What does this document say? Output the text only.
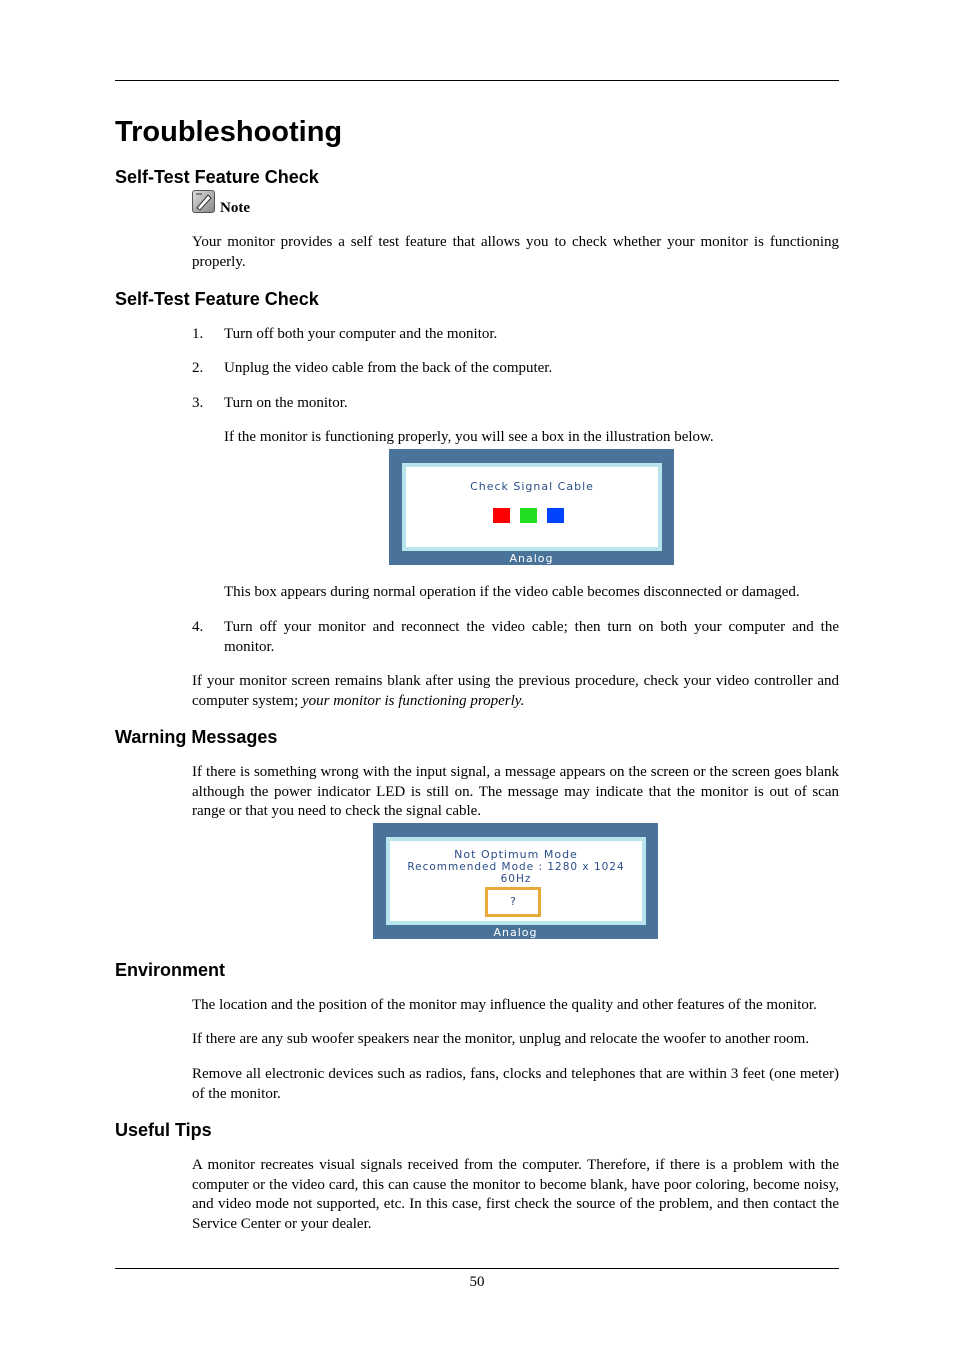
Troubleshooting
Self-Test Feature Check
Note

Your monitor provides a self test feature that allows you to check whether your monitor is functioning properly.

Self-Test Feature Check
1. Turn off both your computer and the monitor.

2. Unplug the video cable from the back of the computer.

3. Turn on the monitor.

If the monitor is functioning properly, you will see a box in the illustration below.

Check Signal Cable
Analog

This box appears during normal operation if the video cable becomes disconnected or damaged.

4. Turn off your monitor and reconnect the video cable; then turn on both your computer and the monitor.

If your monitor screen remains blank after using the previous procedure, check your video controller and computer system; your monitor is functioning properly.

Warning Messages

If there is something wrong with the input signal, a message appears on the screen or the screen goes blank although the power indicator LED is still on. The message may indicate that the monitor is out of scan range or that you need to check the signal cable.

Not Optimum Mode
Recommended Mode : 1280 x 1024 60Hz
?
Analog
Environment

The location and the position of the monitor may influence the quality and other features of the monitor.

If there are any sub woofer speakers near the monitor, unplug and relocate the woofer to another room.

Remove all electronic devices such as radios, fans, clocks and telephones that are within 3 feet (one meter) of the monitor.

Useful Tips

A monitor recreates visual signals received from the computer. Therefore, if there is a problem with the computer or the video card, this can cause the monitor to become blank, have poor coloring, become noisy, and video mode not supported, etc. In this case, first check the source of the problem, and then contact the Service Center or your dealer.

50
